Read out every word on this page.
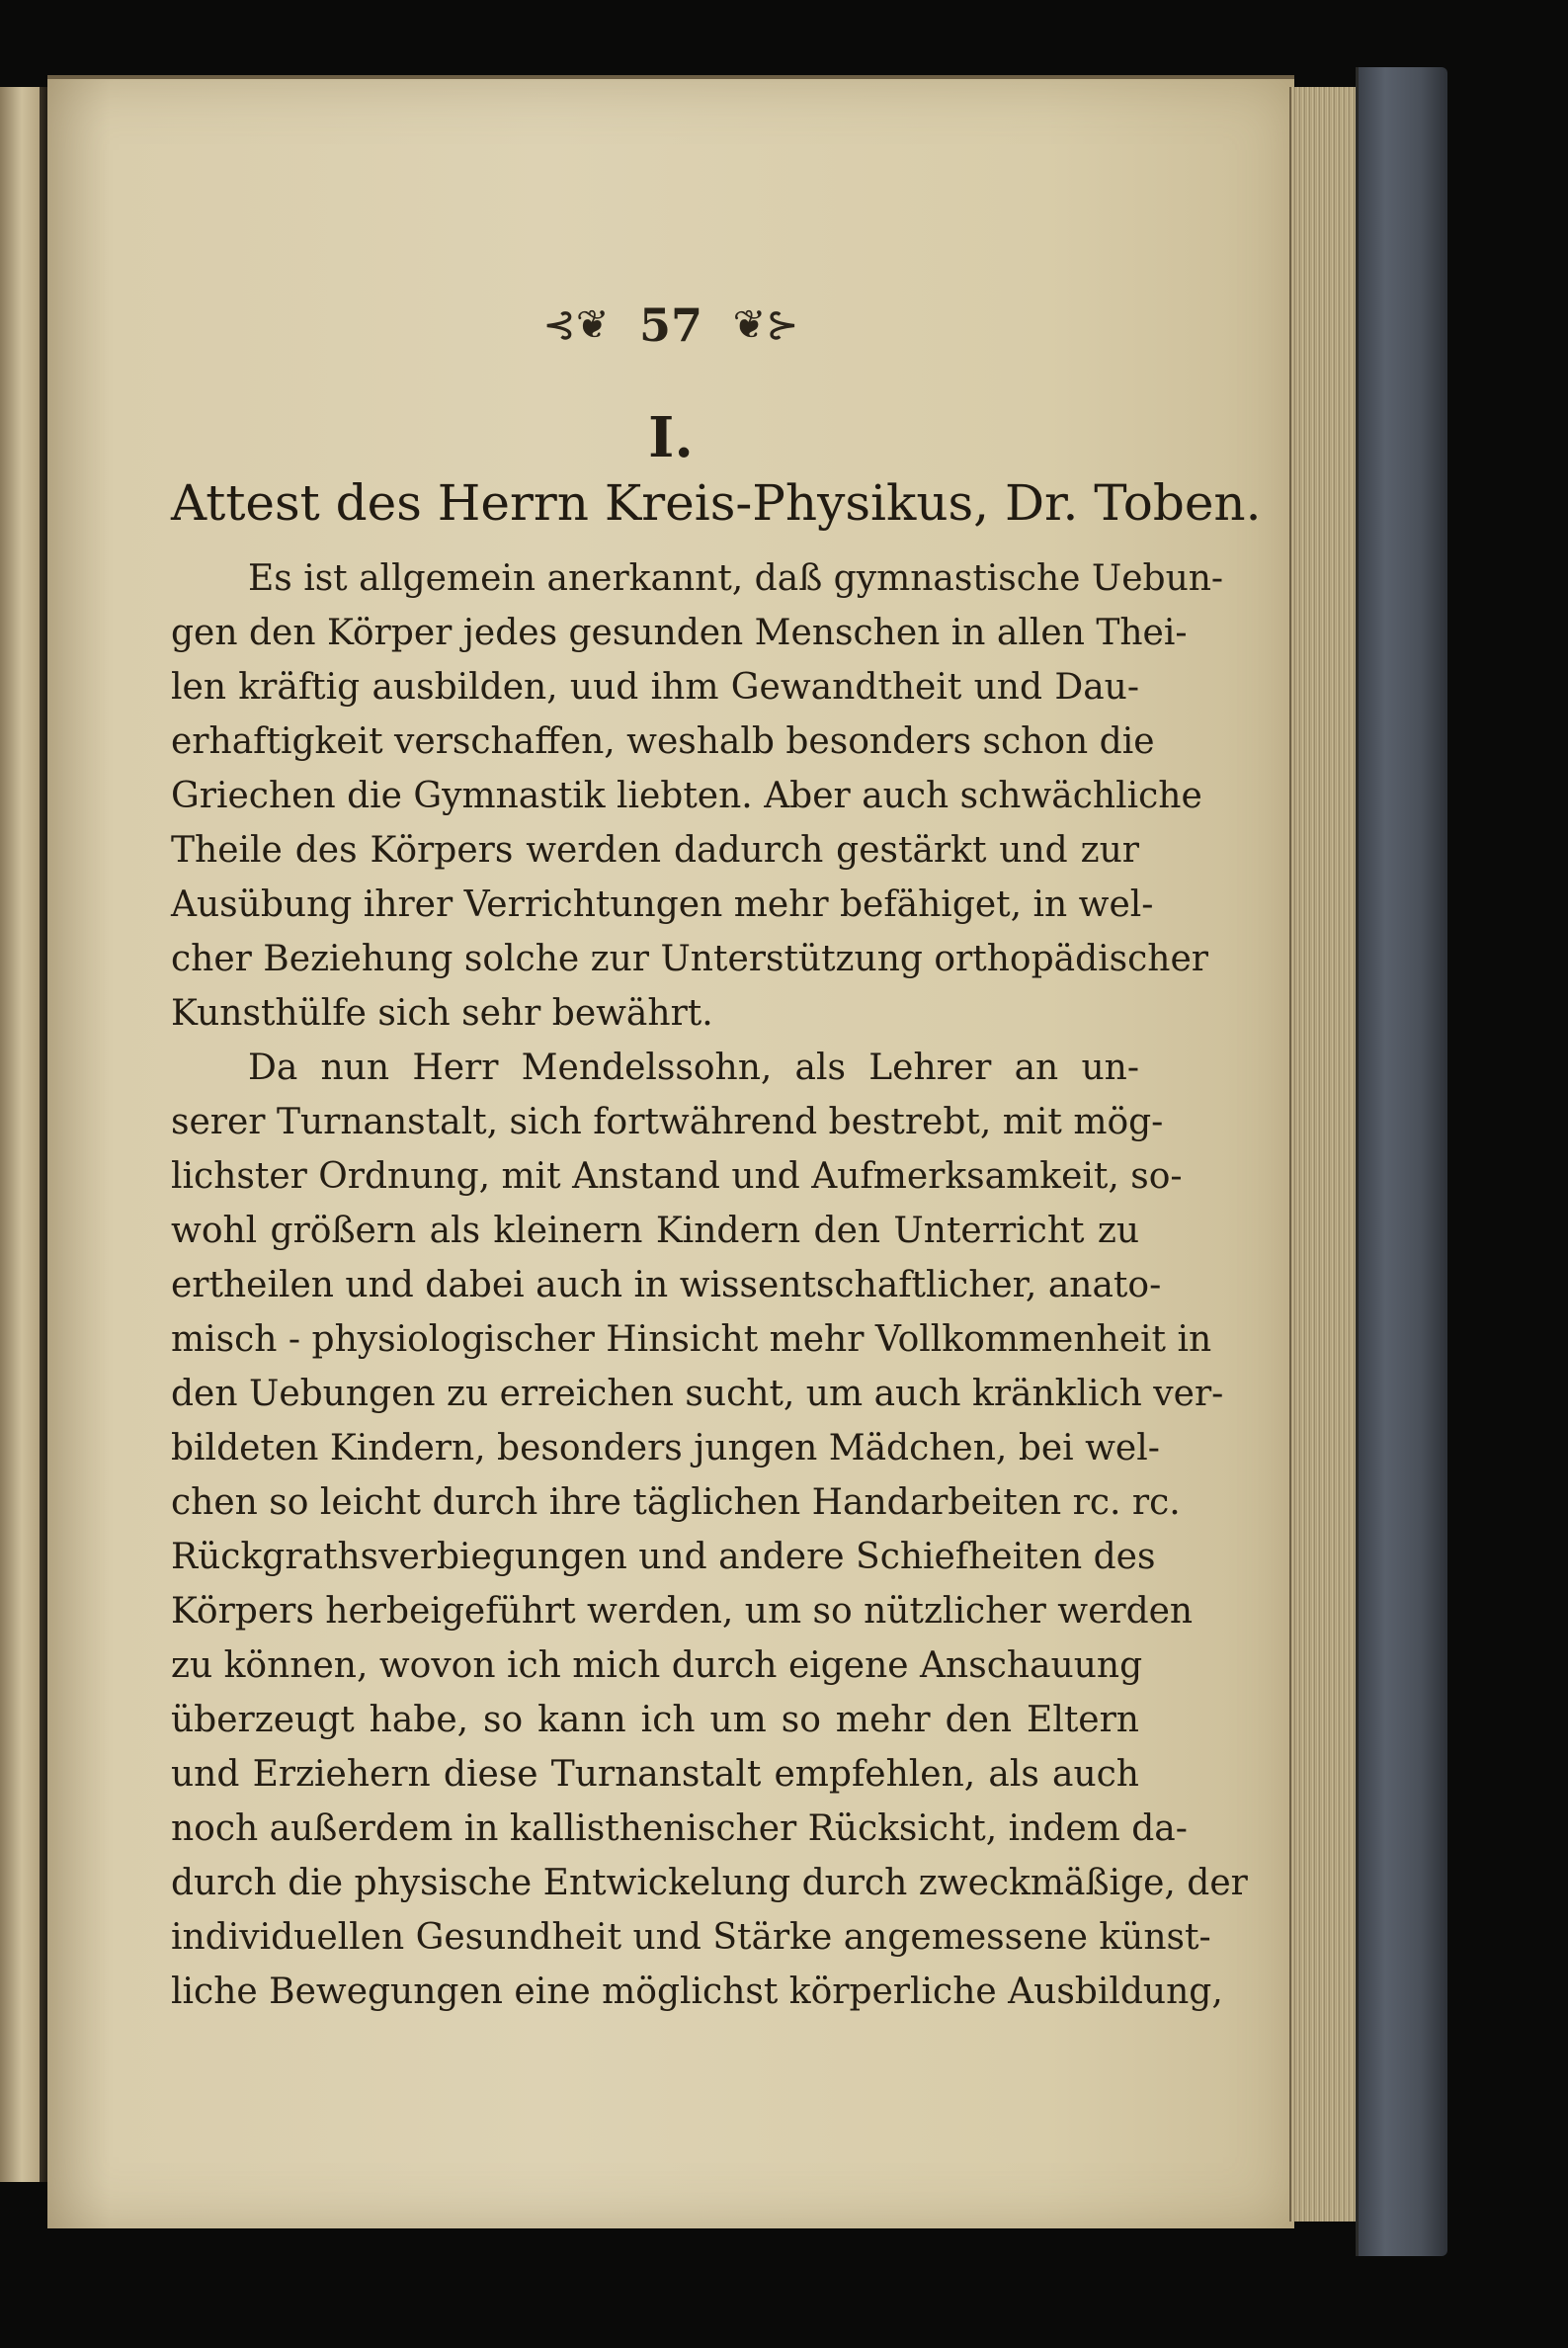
⊰❦ 57 ❦⊱
I.
Attest des Herrn Kreis-Physikus, Dr. Toben.
Es ist allgemein anerkannt, daß gymnastische Uebun-
gen den Körper jedes gesunden Menschen in allen Thei-
len kräftig ausbilden, uud ihm Gewandtheit und Dau-
erhaftigkeit verschaffen, weshalb besonders schon die
Griechen die Gymnastik liebten. Aber auch schwächliche
Theile des Körpers werden dadurch gestärkt und zur
Ausübung ihrer Verrichtungen mehr befähiget, in wel-
cher Beziehung solche zur Unterstützung orthopädischer
Kunsthülfe sich sehr bewährt.
Da nun Herr Mendelssohn, als Lehrer an un-
serer Turnanstalt, sich fortwährend bestrebt, mit mög-
lichster Ordnung, mit Anstand und Aufmerksamkeit, so-
wohl größern als kleinern Kindern den Unterricht zu
ertheilen und dabei auch in wissentschaftlicher, anato-
misch - physiologischer Hinsicht mehr Vollkommenheit in
den Uebungen zu erreichen sucht, um auch kränklich ver-
bildeten Kindern, besonders jungen Mädchen, bei wel-
chen so leicht durch ihre täglichen Handarbeiten rc. rc.
Rückgrathsverbiegungen und andere Schiefheiten des
Körpers herbeigeführt werden, um so nützlicher werden
zu können, wovon ich mich durch eigene Anschauung
überzeugt habe, so kann ich um so mehr den Eltern
und Erziehern diese Turnanstalt empfehlen, als auch
noch außerdem in kallisthenischer Rücksicht, indem da-
durch die physische Entwickelung durch zweckmäßige, der
individuellen Gesundheit und Stärke angemessene künst-
liche Bewegungen eine möglichst körperliche Ausbildung,
